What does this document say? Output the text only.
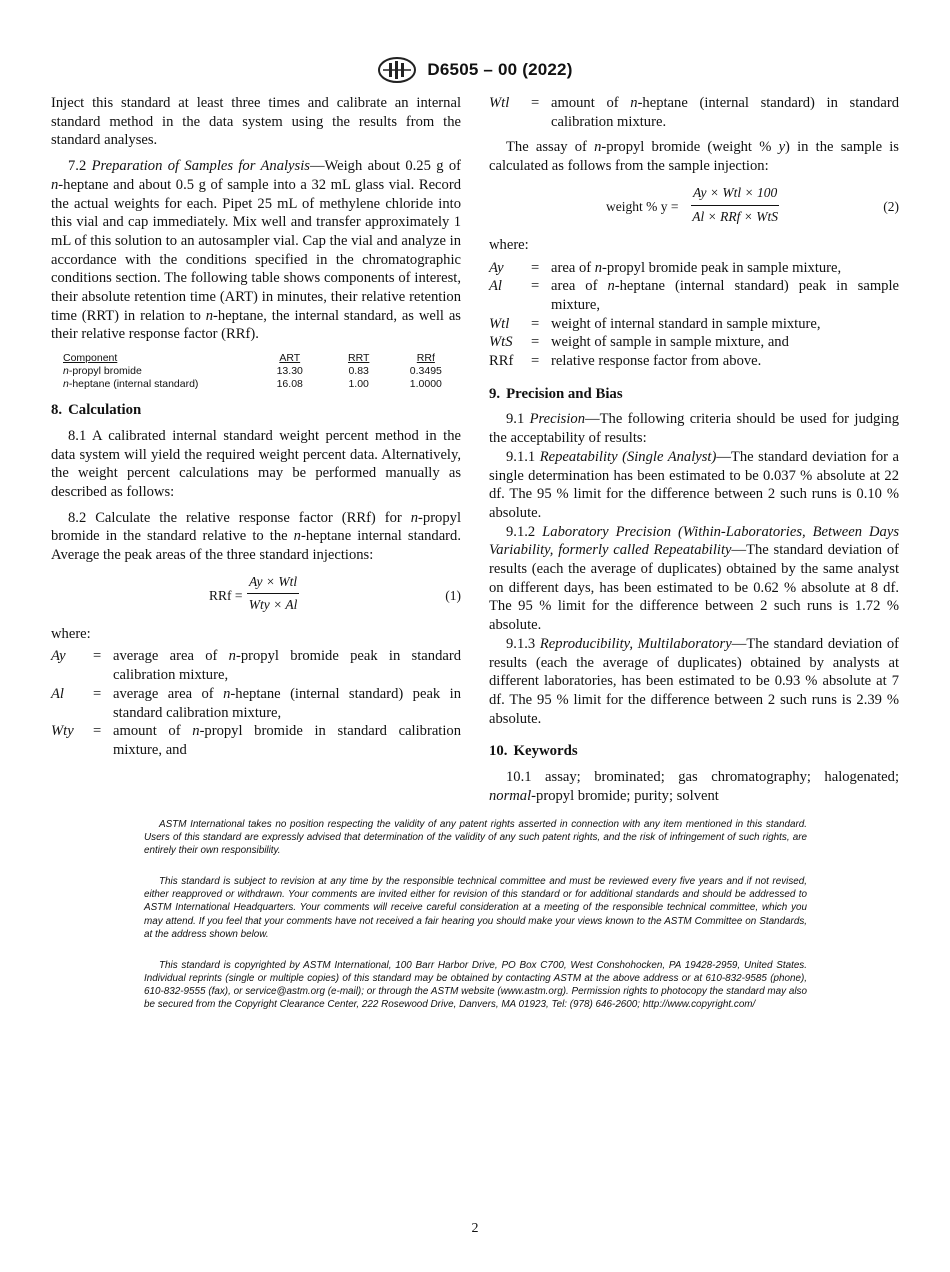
D6505 – 00 (2022)

Inject this standard at least three times and calibrate an internal standard method in the data system using the results from the standard analyses.

7.2 Preparation of Samples for Analysis—Weigh about 0.25 g of n-heptane and about 0.5 g of sample into a 32 mL glass vial. Record the actual weights for each. Pipet 25 mL of methylene chloride into this vial and cap immediately. Mix well and transfer approximately 1 mL of this solution to an autosampler vial. Cap the vial and analyze in accordance with the conditions specified in the chromatographic conditions section. The following table shows components of interest, their absolute retention time (ART) in minutes, their relative retention time (RRT) in relation to n-heptane, the internal standard, as well as their relative response factor (RRf).

Component	ART	RRT	RRf
n-propyl bromide	13.30	0.83	0.3495
n-heptane (internal standard)	16.08	1.00	1.0000
8. Calculation

8.1 A calibrated internal standard weight percent method in the data system will yield the required weight percent data. Alternatively, the weight percent calculations may be performed manually as described as follows:

8.2 Calculate the relative response factor (RRf) for n-propyl bromide in the standard relative to the n-heptane internal standard. Average the peak areas of the three standard injections:

RRf =
Ay × Wtl
Wty × Al
(1)
where:
Ay	= average area of n-propyl bromide peak in standard calibration mixture,
Al	= average area of n-heptane (internal standard) peak in standard calibration mixture,
Wty	= amount of n-propyl bromide in standard calibration mixture, and
Wtl	= amount of n-heptane (internal standard) in standard calibration mixture.

The assay of n-propyl bromide (weight % y) in the sample is calculated as follows from the sample injection:

weight % y =
Ay × Wtl × 100
Al × RRf × WtS
(2)
where:
Ay	= area of n-propyl bromide peak in sample mixture,
Al	= area of n-heptane (internal standard) peak in sample mixture,
Wtl	= weight of internal standard in sample mixture,
WtS	= weight of sample in sample mixture, and
RRf	= relative response factor from above.
9. Precision and Bias

9.1 Precision—The following criteria should be used for judging the acceptability of results:

9.1.1 Repeatability (Single Analyst)—The standard deviation for a single determination has been estimated to be 0.037 % absolute at 22 df. The 95 % limit for the difference between 2 such runs is 0.10 % absolute.

9.1.2 Laboratory Precision (Within-Laboratories, Between Days Variability, formerly called Repeatability—The standard deviation of results (each the average of duplicates) obtained by the same analyst on different days, has been estimated to be 0.62 % absolute at 8 df. The 95 % limit for the difference between 2 such runs is 1.72 % absolute.

9.1.3 Reproducibility, Multilaboratory—The standard deviation of results (each the average of duplicates) obtained by analysts at different laboratories, has been estimated to be 0.93 % absolute at 7 df. The 95 % limit for the difference between 2 such runs is 2.39 % absolute.

10. Keywords

10.1 assay; brominated; gas chromatography; halogenated; normal-propyl bromide; purity; solvent

ASTM International takes no position respecting the validity of any patent rights asserted in connection with any item mentioned in this standard. Users of this standard are expressly advised that determination of the validity of any such patent rights, and the risk of infringement of such rights, are entirely their own responsibility.

This standard is subject to revision at any time by the responsible technical committee and must be reviewed every five years and if not revised, either reapproved or withdrawn. Your comments are invited either for revision of this standard or for additional standards and should be addressed to ASTM International Headquarters. Your comments will receive careful consideration at a meeting of the responsible technical committee, which you may attend. If you feel that your comments have not received a fair hearing you should make your views known to the ASTM Committee on Standards, at the address shown below.

This standard is copyrighted by ASTM International, 100 Barr Harbor Drive, PO Box C700, West Conshohocken, PA 19428-2959, United States. Individual reprints (single or multiple copies) of this standard may be obtained by contacting ASTM at the above address or at 610-832-9585 (phone), 610-832-9555 (fax), or service@astm.org (e-mail); or through the ASTM website (www.astm.org). Permission rights to photocopy the standard may also be secured from the Copyright Clearance Center, 222 Rosewood Drive, Danvers, MA 01923, Tel: (978) 646-2600; http://www.copyright.com/

2
